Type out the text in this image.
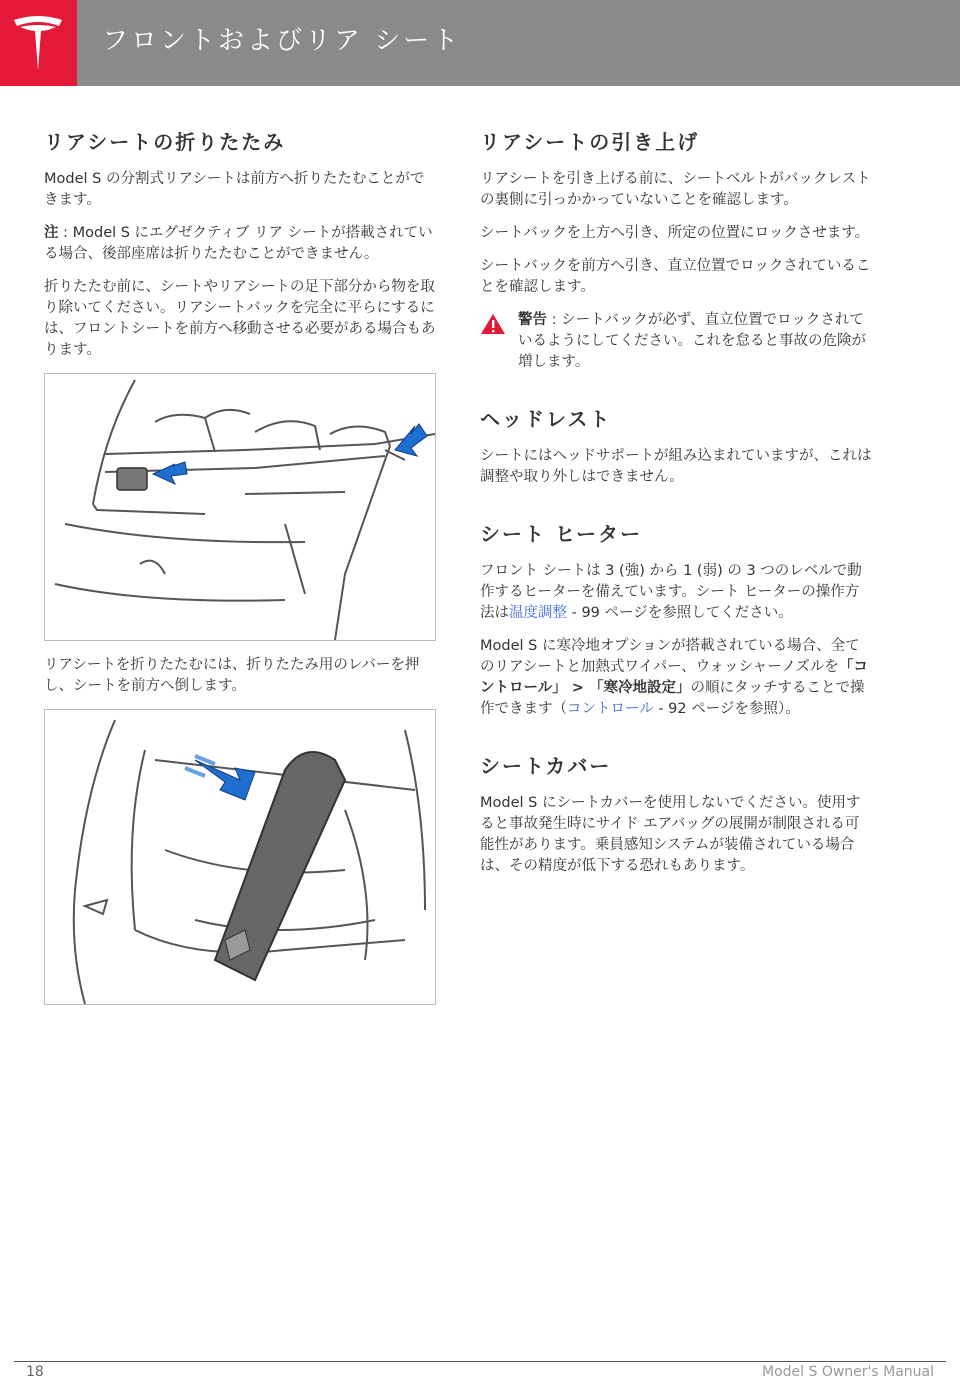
フロントおよびリア シート
リアシートの折りたたみ

Model S の分割式リアシートは前方へ折りたたむことができます。

注 : Model S にエグゼクティブ リア シートが搭載されている場合、後部座席は折りたたむことができません。

折りたたむ前に、シートやリアシートの足下部分から物を取り除いてください。リアシートバックを完全に平らにするには、フロントシートを前方へ移動させる必要がある場合もあります。

リアシートを折りたたむには、折りたたみ用のレバーを押し、シートを前方へ倒します。

リアシートの引き上げ

リアシートを引き上げる前に、シートベルトがバックレストの裏側に引っかかっていないことを確認します。

シートバックを上方へ引き、所定の位置にロックさせます。

シートバックを前方へ引き、直立位置でロックされていることを確認します。

警告 : シートバックが必ず、直立位置でロックされているようにしてください。これを怠ると事故の危険が増します。

ヘッドレスト

シートにはヘッドサポートが組み込まれていますが、これは調整や取り外しはできません。

シート ヒーター

フロント シートは 3 (強) から 1 (弱) の 3 つのレベルで動作するヒーターを備えています。シート ヒーターの操作方法は温度調整 - 99 ページを参照してください。

Model S に寒冷地オプションが搭載されている場合、全てのリアシートと加熱式ワイパー、ウォッシャーノズルを「コントロール」 > 「寒冷地設定」の順にタッチすることで操作できます（コントロール - 92 ページを参照）。

シートカバー

Model S にシートカバーを使用しないでください。使用すると事故発生時にサイド エアバッグの展開が制限される可能性があります。乗員感知システムが装備されている場合は、その精度が低下する恐れもあります。

18	Model S Owner's Manual
